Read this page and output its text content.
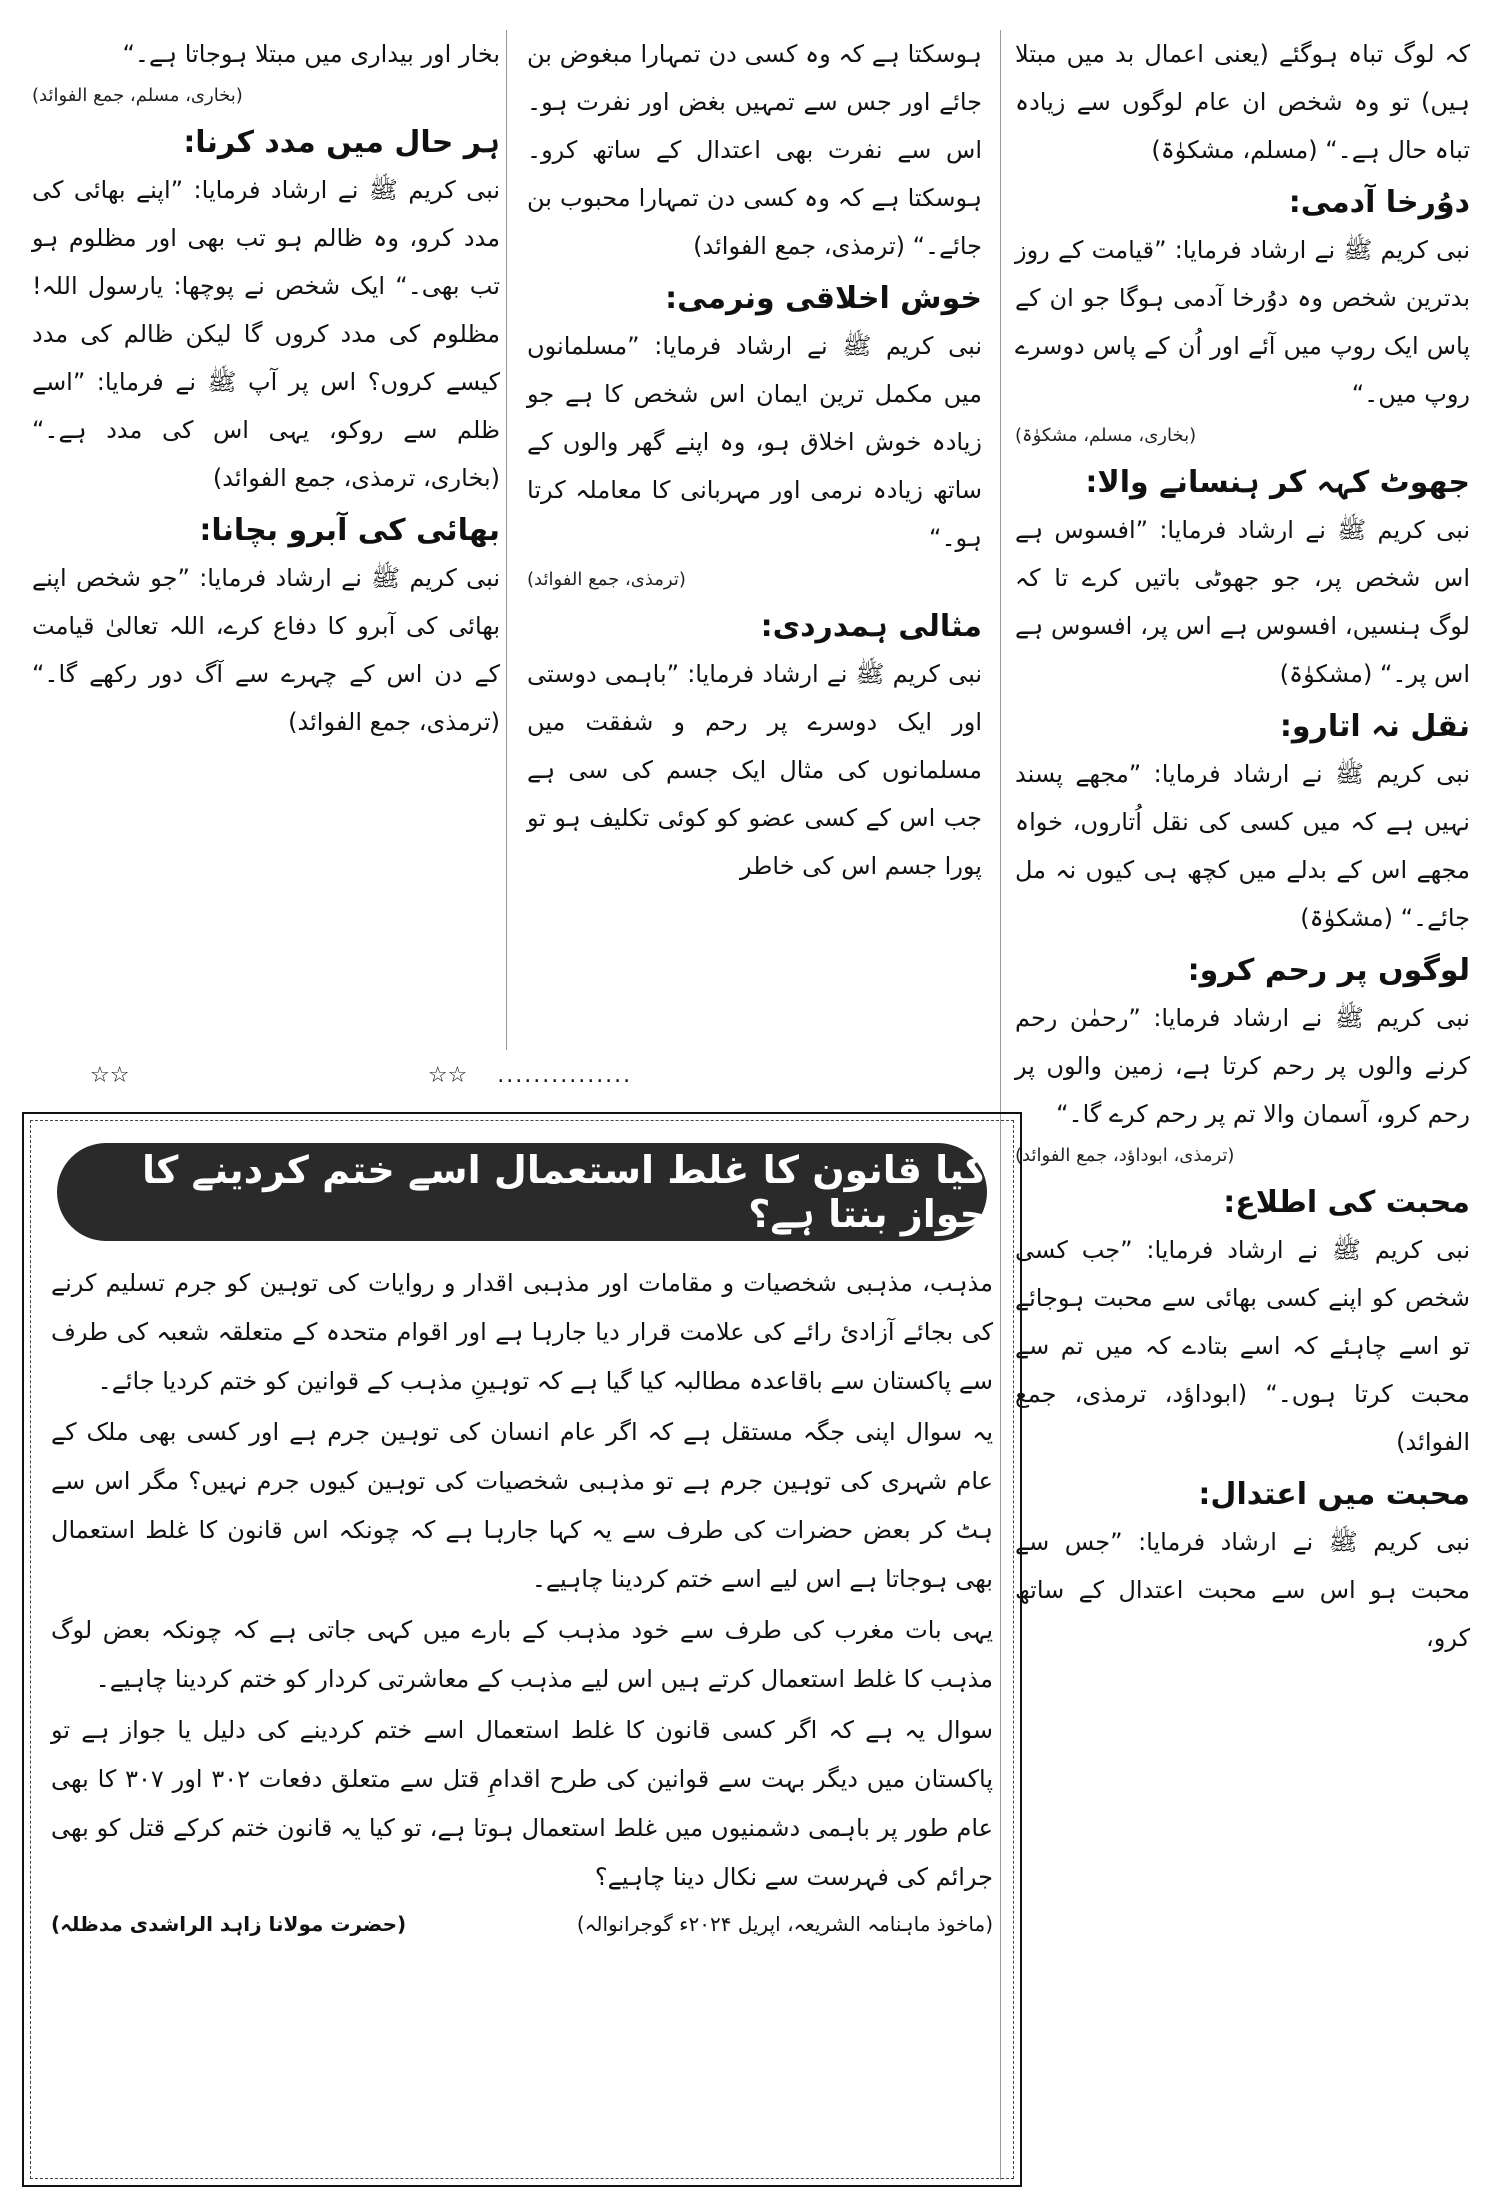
کہ لوگ تباہ ہوگئے (یعنی اعمال بد میں مبتلا ہیں) تو وہ شخص ان عام لوگوں سے زیادہ تباہ حال ہے۔“ (مسلم، مشکوٰۃ)

دوُرخا آدمی:

نبی کریم ﷺ نے ارشاد فرمایا: ”قیامت کے روز بدترین شخص وہ دوُرخا آدمی ہوگا جو ان کے پاس ایک روپ میں آئے اور اُن کے پاس دوسرے روپ میں۔“

(بخاری، مسلم، مشکوٰۃ)
جھوٹ کہہ کر ہنسانے والا:

نبی کریم ﷺ نے ارشاد فرمایا: ”افسوس ہے اس شخص پر، جو جھوٹی باتیں کرے تا کہ لوگ ہنسیں، افسوس ہے اس پر، افسوس ہے اس پر۔“ (مشکوٰۃ)

نقل نہ اتارو:

نبی کریم ﷺ نے ارشاد فرمایا: ”مجھے پسند نہیں ہے کہ میں کسی کی نقل اُتاروں، خواہ مجھے اس کے بدلے میں کچھ ہی کیوں نہ مل جائے۔“ (مشکوٰۃ)

لوگوں پر رحم کرو:

نبی کریم ﷺ نے ارشاد فرمایا: ”رحمٰن رحم کرنے والوں پر رحم کرتا ہے، زمین والوں پر رحم کرو، آسمان والا تم پر رحم کرے گا۔“

(ترمذی، ابوداؤد، جمع الفوائد)
محبت کی اطلاع:

نبی کریم ﷺ نے ارشاد فرمایا: ”جب کسی شخص کو اپنے کسی بھائی سے محبت ہوجائے تو اسے چاہئے کہ اسے بتادے کہ میں تم سے محبت کرتا ہوں۔“ (ابوداؤد، ترمذی، جمع الفوائد)

محبت میں اعتدال:

نبی کریم ﷺ نے ارشاد فرمایا: ”جس سے محبت ہو اس سے محبت اعتدال کے ساتھ کرو،

ہوسکتا ہے کہ وہ کسی دن تمہارا مبغوض بن جائے اور جس سے تمہیں بغض اور نفرت ہو۔ اس سے نفرت بھی اعتدال کے ساتھ کرو۔ ہوسکتا ہے کہ وہ کسی دن تمہارا محبوب بن جائے۔“ (ترمذی، جمع الفوائد)

خوش اخلاقی ونرمی:

نبی کریم ﷺ نے ارشاد فرمایا: ”مسلمانوں میں مکمل ترین ایمان اس شخص کا ہے جو زیادہ خوش اخلاق ہو، وہ اپنے گھر والوں کے ساتھ زیادہ نرمی اور مہربانی کا معاملہ کرتا ہو۔“

(ترمذی، جمع الفوائد)
مثالی ہمدردی:

نبی کریم ﷺ نے ارشاد فرمایا: ”باہمی دوستی اور ایک دوسرے پر رحم و شفقت میں مسلمانوں کی مثال ایک جسم کی سی ہے جب اس کے کسی عضو کو کوئی تکلیف ہو تو پورا جسم اس کی خاطر

بخار اور بیداری میں مبتلا ہوجاتا ہے۔“

(بخاری، مسلم، جمع الفوائد)
ہر حال میں مدد کرنا:

نبی کریم ﷺ نے ارشاد فرمایا: ”اپنے بھائی کی مدد کرو، وہ ظالم ہو تب بھی اور مظلوم ہو تب بھی۔“ ایک شخص نے پوچھا: یارسول اللہ! مظلوم کی مدد کروں گا لیکن ظالم کی مدد کیسے کروں؟ اس پر آپ ﷺ نے فرمایا: ”اسے ظلم سے روکو، یہی اس کی مدد ہے۔“ (بخاری، ترمذی، جمع الفوائد)

بھائی کی آبرو بچانا:

نبی کریم ﷺ نے ارشاد فرمایا: ”جو شخص اپنے بھائی کی آبرو کا دفاع کرے، اللہ تعالیٰ قیامت کے دن اس کے چہرے سے آگ دور رکھے گا۔“ (ترمذی، جمع الفوائد)

☆☆	☆☆ ...............
کیا قانون کا غلط استعمال اسے ختم کردینے کا جواز بنتا ہے؟

مذہب، مذہبی شخصیات و مقامات اور مذہبی اقدار و روایات کی توہین کو جرم تسلیم کرنے کی بجائے آزادیٔ رائے کی علامت قرار دیا جارہا ہے اور اقوام متحدہ کے متعلقہ شعبہ کی طرف سے پاکستان سے باقاعدہ مطالبہ کیا گیا ہے کہ توہینِ مذہب کے قوانین کو ختم کردیا جائے۔

یہ سوال اپنی جگہ مستقل ہے کہ اگر عام انسان کی توہین جرم ہے اور کسی بھی ملک کے عام شہری کی توہین جرم ہے تو مذہبی شخصیات کی توہین کیوں جرم نہیں؟ مگر اس سے ہٹ کر بعض حضرات کی طرف سے یہ کہا جارہا ہے کہ چونکہ اس قانون کا غلط استعمال بھی ہوجاتا ہے اس لیے اسے ختم کردینا چاہیے۔

یہی بات مغرب کی طرف سے خود مذہب کے بارے میں کہی جاتی ہے کہ چونکہ بعض لوگ مذہب کا غلط استعمال کرتے ہیں اس لیے مذہب کے معاشرتی کردار کو ختم کردینا چاہیے۔

سوال یہ ہے کہ اگر کسی قانون کا غلط استعمال اسے ختم کردینے کی دلیل یا جواز ہے تو پاکستان میں دیگر بہت سے قوانین کی طرح اقدامِ قتل سے متعلق دفعات ۳۰۲ اور ۳۰۷ کا بھی عام طور پر باہمی دشمنیوں میں غلط استعمال ہوتا ہے، تو کیا یہ قانون ختم کرکے قتل کو بھی جرائم کی فہرست سے نکال دینا چاہیے؟

(ماخوذ ماہنامہ الشریعہ، اپریل ۲۰۲۴ء گوجرانوالہ)
(حضرت مولانا زاہد الراشدی مدظلہ)
